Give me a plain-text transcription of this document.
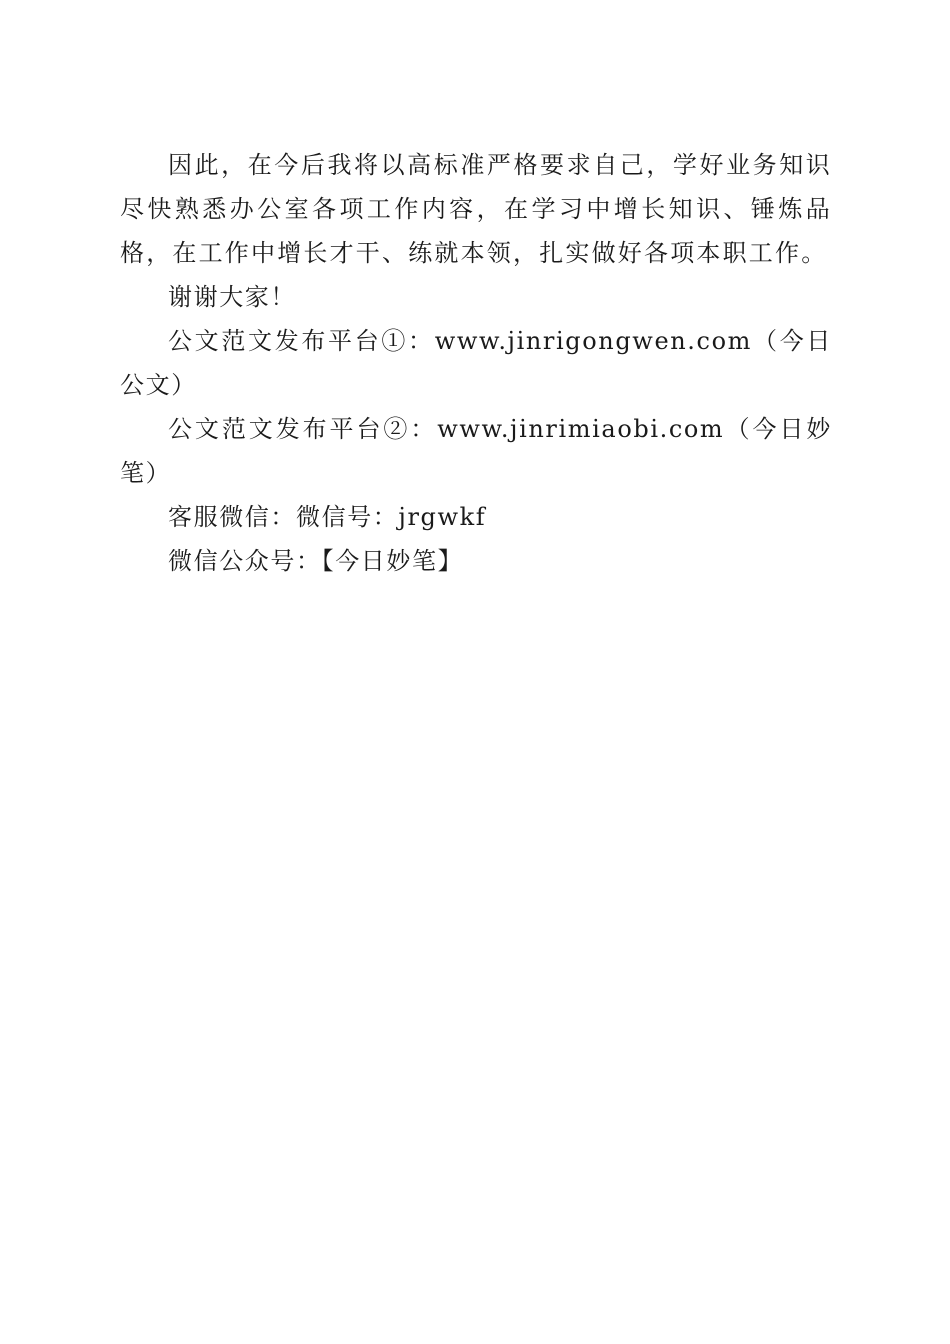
因此，在今后我将以高标准严格要求自己，学好业务知识尽快熟悉办公室各项工作内容，在学习中增长知识、锤炼品格，在工作中增长才干、练就本领，扎实做好各项本职工作。

谢谢大家！

公文范文发布平台①：www.jinrigongwen.com（今日公文）

公文范文发布平台②：www.jinrimiaobi.com（今日妙笔）

客服微信：微信号：jrgwkf

微信公众号：【今日妙笔】
